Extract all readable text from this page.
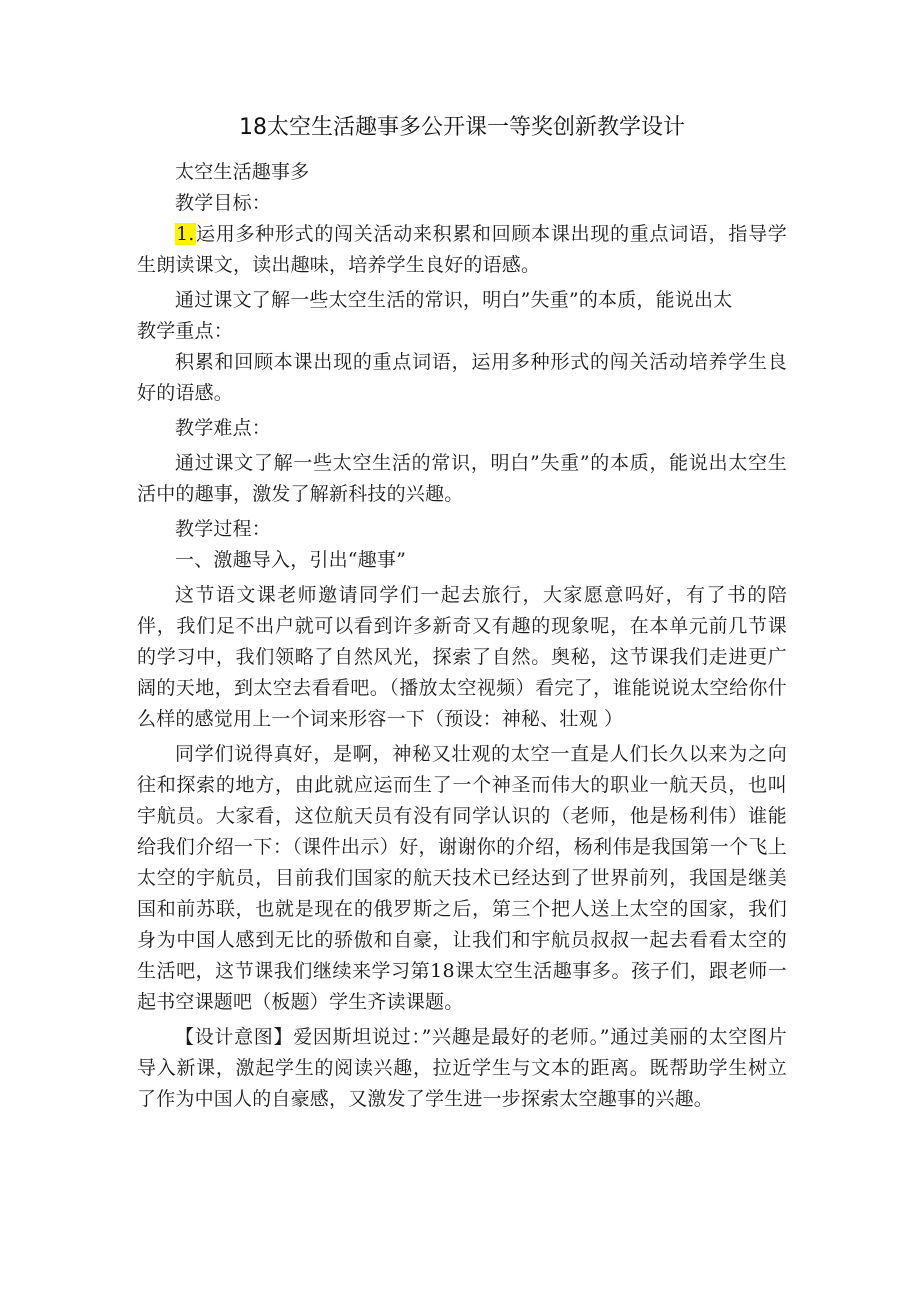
18太空生活趣事多公开课一等奖创新教学设计

太空生活趣事多

教学目标：

1.运用多种形式的闯关活动来积累和回顾本课出现的重点词语，指导学生朗读课文，读出趣味，培养学生良好的语感。

通过课文了解一些太空生活的常识，明白”失重”的本质，能说出太

教学重点：

积累和回顾本课出现的重点词语，运用多种形式的闯关活动培养学生良好的语感。

教学难点：

通过课文了解一些太空生活的常识，明白”失重”的本质，能说出太空生活中的趣事，激发了解新科技的兴趣。

教学过程：

一、激趣导入，引出“趣事”

这节语文课老师邀请同学们一起去旅行，大家愿意吗好，有了书的陪伴，我们足不出户就可以看到许多新奇又有趣的现象呢，在本单元前几节课的学习中，我们领略了自然风光，探索了自然。奥秘，这节课我们走进更广阔的天地，到太空去看看吧。（播放太空视频）看完了，谁能说说太空给你什么样的感觉用上一个词来形容一下（预设：神秘、壮观 ）

同学们说得真好，是啊，神秘又壮观的太空一直是人们长久以来为之向往和探索的地方，由此就应运而生了一个神圣而伟大的职业一航天员，也叫宇航员。大家看，这位航天员有没有同学认识的（老师，他是杨利伟）谁能给我们介绍一下：（课件出示）好，谢谢你的介绍，杨利伟是我国第一个飞上太空的宇航员，目前我们国家的航天技术已经达到了世界前列，我国是继美国和前苏联，也就是现在的俄罗斯之后，第三个把人送上太空的国家，我们身为中国人感到无比的骄傲和自豪，让我们和宇航员叔叔一起去看看太空的生活吧，这节课我们继续来学习第18课太空生活趣事多。孩子们，跟老师一起书空课题吧（板题）学生齐读课题。

【设计意图】爱因斯坦说过：”兴趣是最好的老师。”通过美丽的太空图片导入新课，激起学生的阅读兴趣，拉近学生与文本的距离。既帮助学生树立了作为中国人的自豪感，又激发了学生进一步探索太空趣事的兴趣。
